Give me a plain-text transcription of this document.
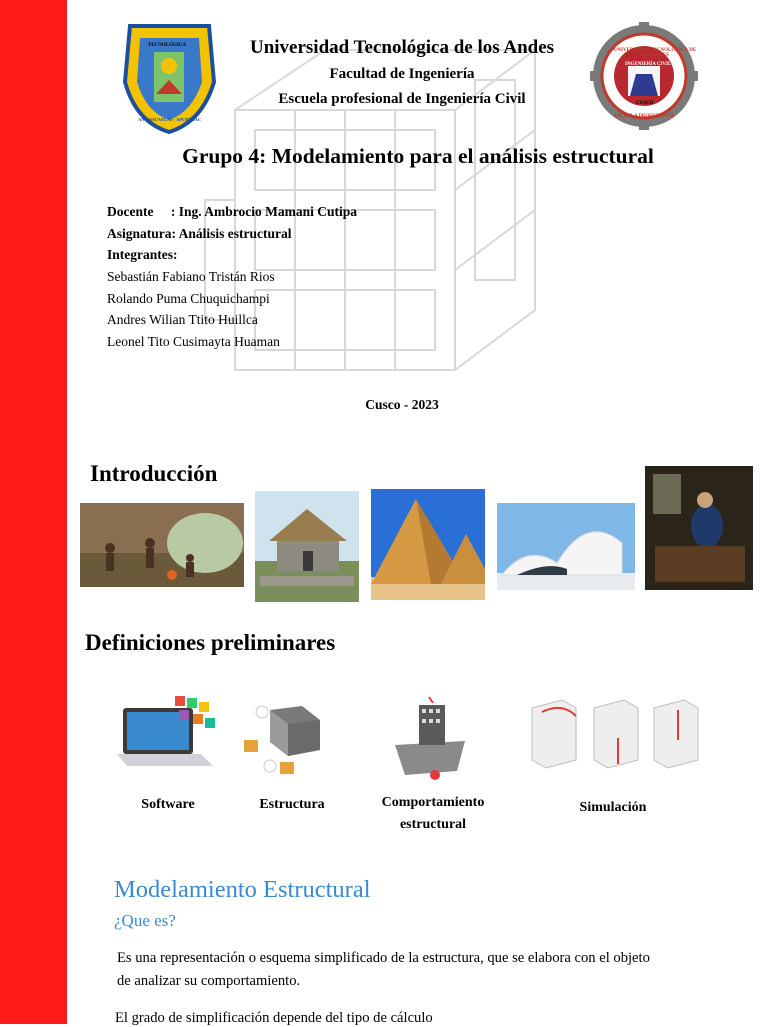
TECNOLÓGICA
ANDAHUAYLAS · APURÍMAC
UNIVERSIDAD TECNOLÓGICA DE LOS ANDES
INGENIERÍA CIVIL
CUSCO
ESCUELA PROFESIONAL
Universidad Tecnológica de los Andes
Facultad de Ingeniería
Escuela profesional de Ingeniería Civil
Grupo 4: Modelamiento para el análisis estructural
Docente : Ing. Ambrocio Mamani Cutipa
Asignatura: Análisis estructural
Integrantes:
Sebastián Fabiano Tristán Rios
Rolando Puma Chuquichampi
Andres Wilian Ttito Huillca
Leonel Tito Cusimayta Huaman
Cusco - 2023
Introducción
Definiciones preliminares
Software	Estructura	Comportamiento
estructural
Simulación
Modelamiento Estructural
¿Que es?
Es una representación o esquema simplificado de la estructura, que se elabora con el objeto
de analizar su comportamiento.
El grado de simplificación depende del tipo de cálculo
